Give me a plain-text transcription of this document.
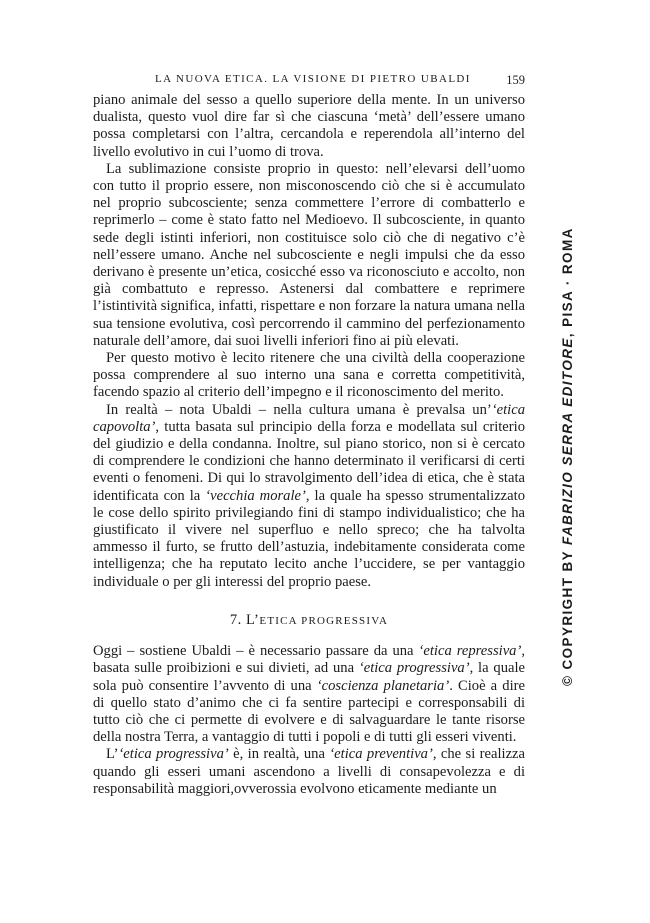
LA NUOVA ETICA. LA VISIONE DI PIETRO UBALDI	159

piano animale del sesso a quello superiore della mente. In un universo dualista, questo vuol dire far sì che ciascuna ‘metà’ dell’essere umano possa completarsi con l’altra, cercandola e reperendola all’interno del livello evolutivo in cui l’uomo di trova.

La sublimazione consiste proprio in questo: nell’elevarsi dell’uomo con tutto il proprio essere, non misconoscendo ciò che si è accumulato nel proprio subcosciente; senza commettere l’errore di combatterlo e reprimerlo – come è stato fatto nel Medioevo. Il subcosciente, in quanto sede degli istinti inferiori, non costituisce solo ciò che di negativo c’è nell’essere umano. Anche nel subcosciente e negli impulsi che da esso derivano è presente un’etica, cosicché esso va riconosciuto e accolto, non già combattuto e represso. Astenersi dal combattere e reprimere l’istintività significa, infatti, rispettare e non forzare la natura umana nella sua tensione evolutiva, così percorrendo il cammino del perfezionamento naturale dell’amore, dai suoi livelli inferiori fino ai più elevati.

Per questo motivo è lecito ritenere che una civiltà della cooperazione possa comprendere al suo interno una sana e corretta competitività, facendo spazio al criterio dell’impegno e il riconoscimento del merito.

In realtà – nota Ubaldi – nella cultura umana è prevalsa un’‘etica capovolta’, tutta basata sul principio della forza e modellata sul criterio del giudizio e della condanna. Inoltre, sul piano storico, non si è cercato di comprendere le condizioni che hanno determinato il verificarsi di certi eventi o fenomeni. Di qui lo stravolgimento dell’idea di etica, che è stata identificata con la ‘vecchia morale’, la quale ha spesso strumentalizzato le cose dello spirito privilegiando fini di stampo individualistico; che ha giustificato il vivere nel superfluo e nello spreco; che ha talvolta ammesso il furto, se frutto dell’astuzia, indebitamente considerata come intelligenza; che ha reputato lecito anche l’uccidere, se per vantaggio individuale o per gli interessi del proprio paese.

7. L’ETICA PROGRESSIVA

Oggi – sostiene Ubaldi – è necessario passare da una ‘etica repressiva’, basata sulle proibizioni e sui divieti, ad una ‘etica progressiva’, la quale sola può consentire l’avvento di una ‘coscienza planetaria’. Cioè a dire di quello stato d’animo che ci fa sentire partecipi e corresponsabili di tutto ciò che ci permette di evolvere e di salvaguardare le tante risorse della nostra Terra, a vantaggio di tutti i popoli e di tutti gli esseri viventi.

L’‘etica progressiva’ è, in realtà, una ‘etica preventiva’, che si realizza quando gli esseri umani ascendono a livelli di consapevolezza e di responsabilità maggiori,ovverossia evolvono eticamente mediante un

© COPYRIGHT BY FABRIZIO SERRA EDITORE, PISA · ROMA
